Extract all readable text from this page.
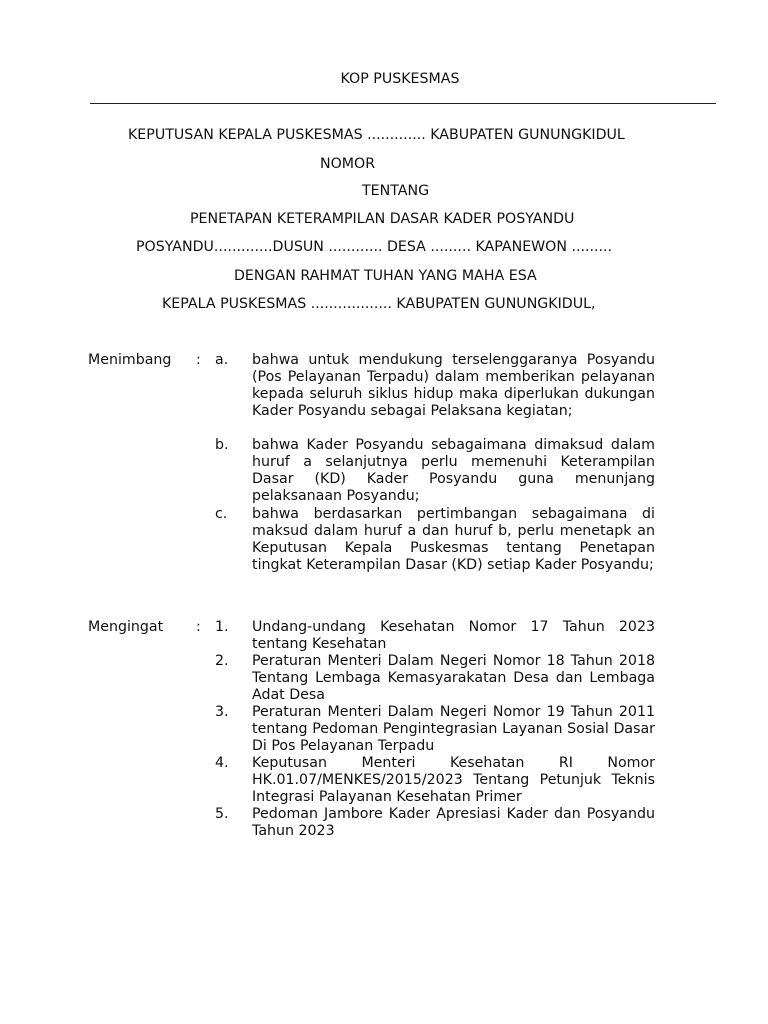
KOP PUSKESMAS
KEPUTUSAN KEPALA PUSKESMAS ............. KABUPATEN GUNUNGKIDUL
NOMOR
TENTANG
PENETAPAN KETERAMPILAN DASAR KADER POSYANDU
POSYANDU.............DUSUN ............ DESA ......... KAPANEWON .........
DENGAN RAHMAT TUHAN YANG MAHA ESA
KEPALA PUSKESMAS .................. KABUPATEN GUNUNGKIDUL,
Menimbang : a. bahwa untuk mendukung terselenggaranya Posyandu (Pos Pelayanan Terpadu) dalam memberikan pelayanan kepada seluruh siklus hidup maka diperlukan dukungan Kader Posyandu sebagai Pelaksana kegiatan;
b. bahwa Kader Posyandu sebagaimana dimaksud dalam huruf a selanjutnya perlu memenuhi Keterampilan Dasar (KD) Kader Posyandu guna menunjang pelaksanaan Posyandu;
c. bahwa berdasarkan pertimbangan sebagaimana di maksud dalam huruf a dan huruf b, perlu menetapk an Keputusan Kepala Puskesmas tentang Penetapan tingkat Keterampilan Dasar (KD) setiap Kader Posyandu;
Mengingat : 1. Undang-undang Kesehatan Nomor 17 Tahun 2023 tentang Kesehatan
2. Peraturan Menteri Dalam Negeri Nomor 18 Tahun 2018 Tentang Lembaga Kemasyarakatan Desa dan Lembaga Adat Desa
3. Peraturan Menteri Dalam Negeri Nomor 19 Tahun 2011 tentang Pedoman Pengintegrasian Layanan Sosial Dasar Di Pos Pelayanan Terpadu
4. Keputusan Menteri Kesehatan RI Nomor HK.01.07/MENKES/2015/2023 Tentang Petunjuk Teknis Integrasi Palayanan Kesehatan Primer
5. Pedoman Jambore Kader Apresiasi Kader dan Posyandu Tahun 2023
